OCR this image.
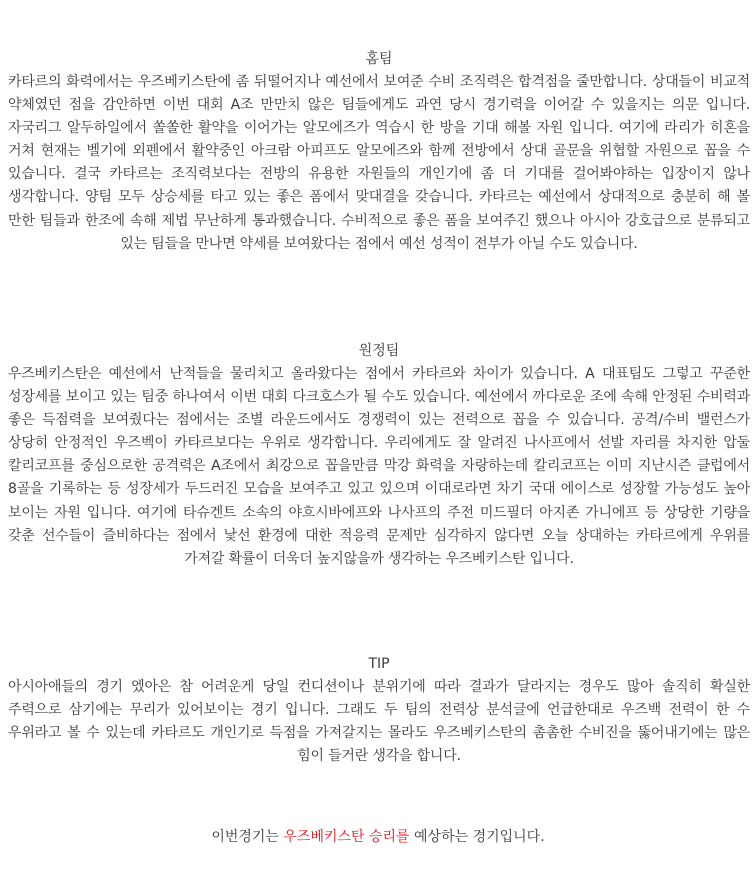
홈팀

카타르의 화력에서는 우즈베키스탄에 좀 뒤떨어지나 예선에서 보여준 수비 조직력은 합격점을 줄만합니다. 상대들이 비교적 약체였던 점을 감안하면 이번 대회 A조 만만치 않은 팀들에게도 과연 당시 경기력을 이어갈 수 있을지는 의문 입니다. 자국리그 알두하일에서 쏠쏠한 활약을 이어가는 알모에즈가 역습시 한 방을 기대 해볼 자원 입니다. 여기에 라리가 히혼을 거쳐 현재는 벨기에 외펜에서 활약중인 아크람 아피프도 알모에즈와 함께 전방에서 상대 골문을 위협할 자원으로 꼽을 수 있습니다. 결국 카타르는 조직력보다는 전방의 유용한 자원들의 개인기에 좀 더 기대를 걸어봐야하는 입장이지 않나 생각합니다. 양팀 모두 상승세를 타고 있는 좋은 폼에서 맞대결을 갖습니다. 카타르는 예선에서 상대적으로 충분히 해 볼 만한 팀들과 한조에 속해 제법 무난하게 통과했습니다. 수비적으로 좋은 폼을 보여주긴 했으나 아시아 강호급으로 분류되고 있는 팀들을 만나면 약세를 보여왔다는 점에서 예선 성적이 전부가 아닐 수도 있습니다.

원정팀

우즈베키스탄은 예선에서 난적들을 물리치고 올라왔다는 점에서 카타르와 차이가 있습니다. A 대표팀도 그렇고 꾸준한 성장세를 보이고 있는 팀중 하나여서 이번 대회 다크호스가 될 수도 있습니다. 예선에서 까다로운 조에 속해 안정된 수비력과 좋은 득점력을 보여줬다는 점에서는 조별 라운드에서도 경쟁력이 있는 전력으로 꼽을 수 있습니다. 공격/수비 밸런스가 상당히 안정적인 우즈벡이 카타르보다는 우위로 생각합니다. 우리에게도 잘 알려진 나사프에서 선발 자리를 차지한 압둘 칼리코프를 중심으로한 공격력은 A조에서 최강으로 꼽을만큼 막강 화력을 자랑하는데 칼리코프는 이미 지난시즌 클럽에서 8골을 기록하는 등 성장세가 두드러진 모습을 보여주고 있고 있으며 이대로라면 차기 국대 에이스로 성장할 가능성도 높아 보이는 자원 입니다. 여기에 타슈겐트 소속의 야흐시바에프와 나사프의 주전 미드필더 아지존 가니에프 등 상당한 기량을 갖춘 선수들이 즐비하다는 점에서 낯선 환경에 대한 적응력 문제만 심각하지 않다면 오늘 상대하는 카타르에게 우위를 가져갈 확률이 더욱더 높지않을까 생각하는 우즈베키스탄 입니다.

TIP

아시아애들의 경기 엤아은 참 어려운게 당일 컨디션이나 분위기에 따라 결과가 달라지는 경우도 많아 솔직히 확실한 주력으로 삼기에는 무리가 있어보이는 경기 입니다. 그래도 두 팀의 전력상 분석글에 언급한대로 우즈백 전력이 한 수 우위라고 볼 수 있는데 카타르도 개인기로 득점을 가져갈지는 몰라도 우즈베키스탄의 촘촘한 수비진을 뚫어내기에는 많은 힘이 들거란 생각을 합니다.

이번경기는 우즈베키스탄 승리를 예상하는 경기입니다.
